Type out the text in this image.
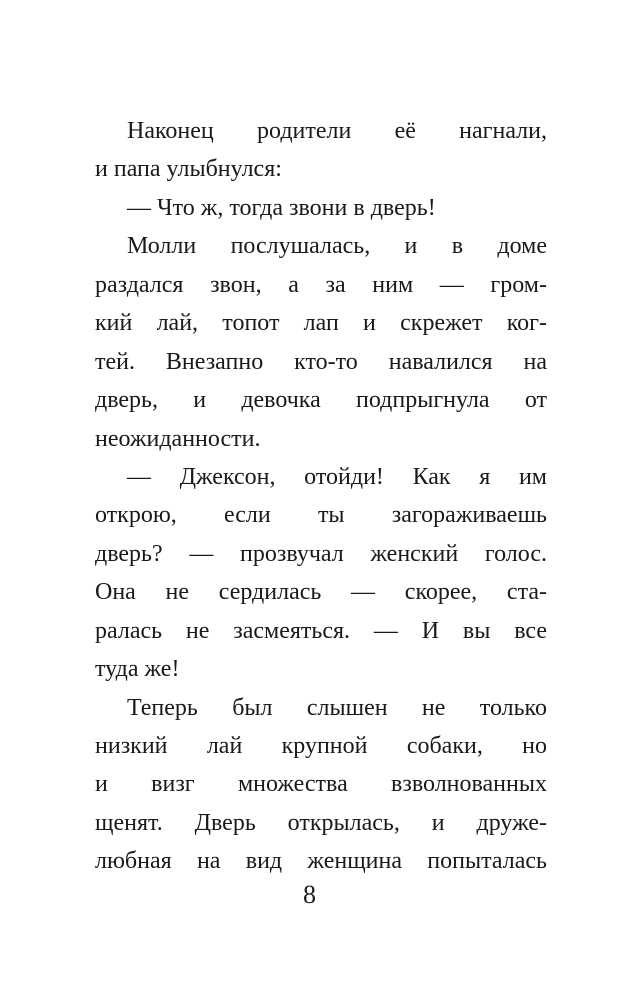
Наконец родители её нагнали,
и папа улыбнулся:
— Что ж, тогда звони в дверь!
Молли послушалась, и в доме
раздался звон, а за ним — гром-
кий лай, топот лап и скрежет ког-
тей. Внезапно кто-то навалился на
дверь, и девочка подпрыгнула от
неожиданности.
— Джексон, отойди! Как я им
открою, если ты загораживаешь
дверь? — прозвучал женский голос.
Она не сердилась — скорее, ста-
ралась не засмеяться. — И вы все
туда же!
Теперь был слышен не только
низкий лай крупной собаки, но
и визг множества взволнованных
щенят. Дверь открылась, и друже-
любная на вид женщина попыталась
8
